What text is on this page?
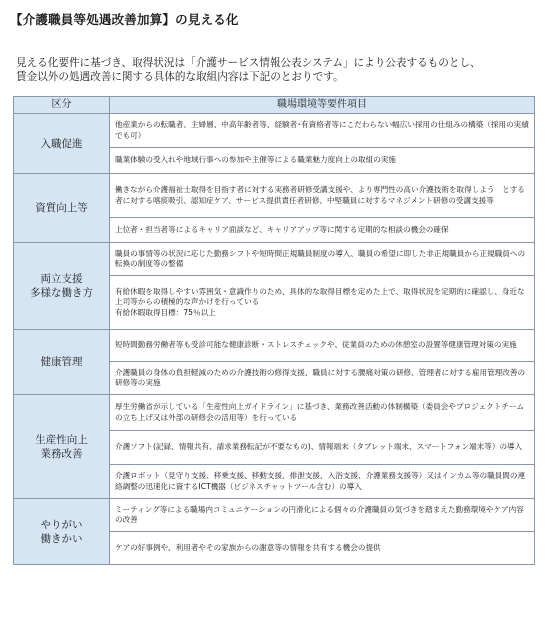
【介護職員等処遇改善加算】の見える化
見える化要件に基づき、取得状況は「介護サービス情報公表システム」により公表するものとし、
賃金以外の処遇改善に関する具体的な取組内容は下記のとおりです。
区分	職場環境等要件項目

入職促進	他産業からの転職者、主婦層、中高年齢者等、経験者･有資格者等にこだわらない幅広い採用の仕組みの構築（採用の実績でも可）

	職業体験の受入れや地域行事への参加や主催等による職業魅力度向上の取組の実施

資質向上等	働きながら介護福祉士取得を目指す者に対する実務者研修受講支援や、より専門性の高い介護技術を取得しよう　とする者に対する喀痰吸引、認知症ケア、サービス提供責任者研修、中堅職員に対するマネジメント研修の受講支援等

	上位者・担当者等によるキャリア面談など、キャリアアップ等に関する定期的な相談の機会の確保

両立支援
多様な働き方	職員の事情等の状況に応じた勤務シフトや短時間正規職員制度の導入、職員の希望に即した非正規職員から正規職員への転換の制度等の整備

	有給休暇を取得しやすい雰囲気・意識作りのため、具体的な取得目標を定めた上で、取得状況を定期的に確認し、身近な上司等からの積極的な声かけを行っている
有給休暇取得目標：75％以上

健康管理	短時間勤務労働者等も受診可能な健康診断・ストレスチェックや、従業員のための休憩室の設置等健康管理対策の実施

	介護職員の身体の負担軽減のための介護技術の修得支援、職員に対する腰痛対策の研修、管理者に対する雇用管理改善の研修等の実施

生産性向上
業務改善	厚生労働省が示している「生産性向上ガイドライン」に基づき、業務改善活動の体制構築（委員会やプロジェクトチームの立ち上げ又は外部の研修会の活用等）を行っている

	介護ソフト(記録、情報共有、請求業務転記が不要なもの)、情報端末（タブレット端末、スマートフォン端末等）の導入

	介護ロボット（見守り支援、移乗支援、移動支援、排泄支援、入浴支援、介護業務支援等）又はインカム等の職員間の連絡調整の迅速化に資するICT機器（ビジネスチャットツール含む）の導入

やりがい
働きかい	ミーティング等による職場内コミュニケーションの円滑化による個々の介護職員の気づきを踏まえた勤務環境やケア内容の改善

	ケアの好事例や、利用者やその家族からの謝意等の情報を共有する機会の提供
